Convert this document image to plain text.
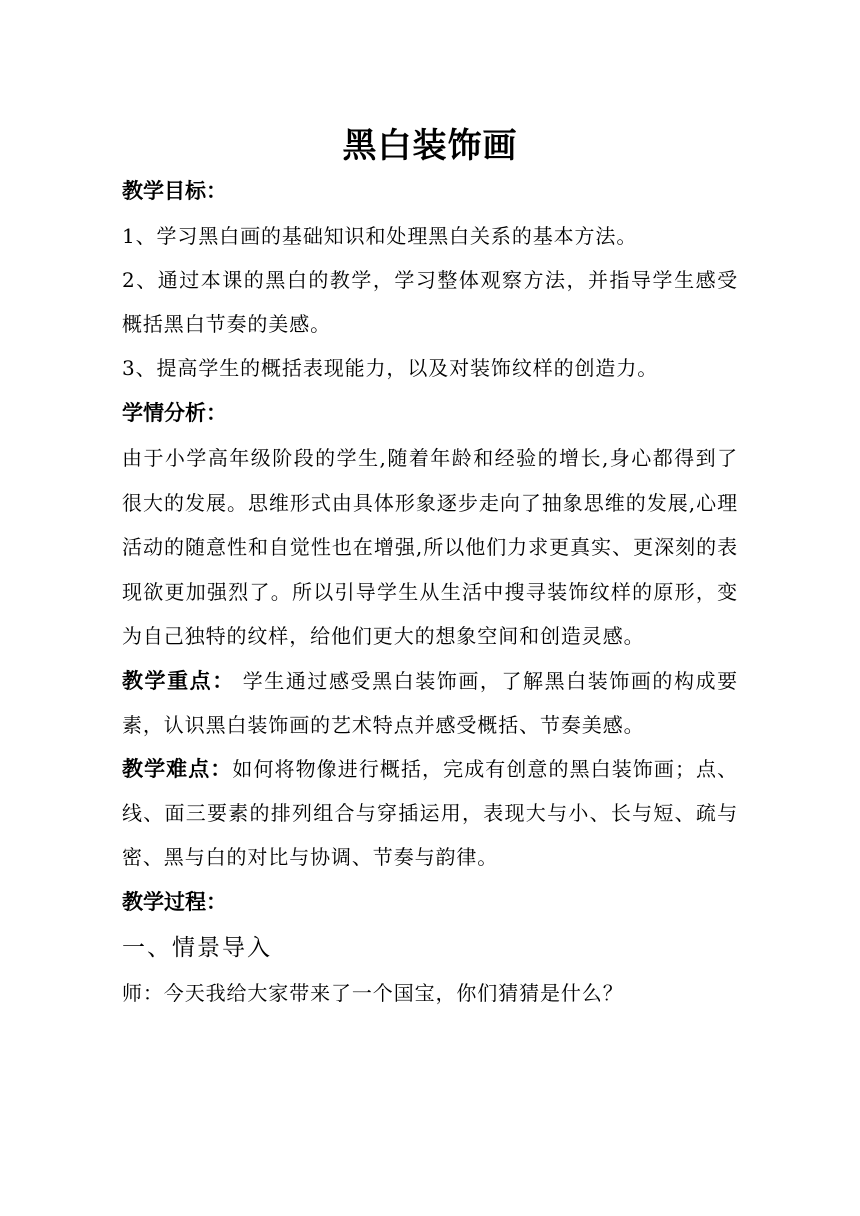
黑白装饰画

教学目标：

1、学习黑白画的基础知识和处理黑白关系的基本方法。

2、通过本课的黑白的教学，学习整体观察方法，并指导学生感受概括黑白节奏的美感。

3、提高学生的概括表现能力，以及对装饰纹样的创造力。

学情分析：

由于小学高年级阶段的学生,随着年龄和经验的增长,身心都得到了很大的发展。思维形式由具体形象逐步走向了抽象思维的发展,心理活动的随意性和自觉性也在增强,所以他们力求更真实、更深刻的表现欲更加强烈了。所以引导学生从生活中搜寻装饰纹样的原形，变为自己独特的纹样，给他们更大的想象空间和创造灵感。

教学重点： 学生通过感受黑白装饰画，了解黑白装饰画的构成要素，认识黑白装饰画的艺术特点并感受概括、节奏美感。

教学难点：如何将物像进行概括，完成有创意的黑白装饰画；点、线、面三要素的排列组合与穿插运用，表现大与小、长与短、疏与密、黑与白的对比与协调、节奏与韵律。

教学过程：

一、情景导入

师：今天我给大家带来了一个国宝，你们猜猜是什么？
